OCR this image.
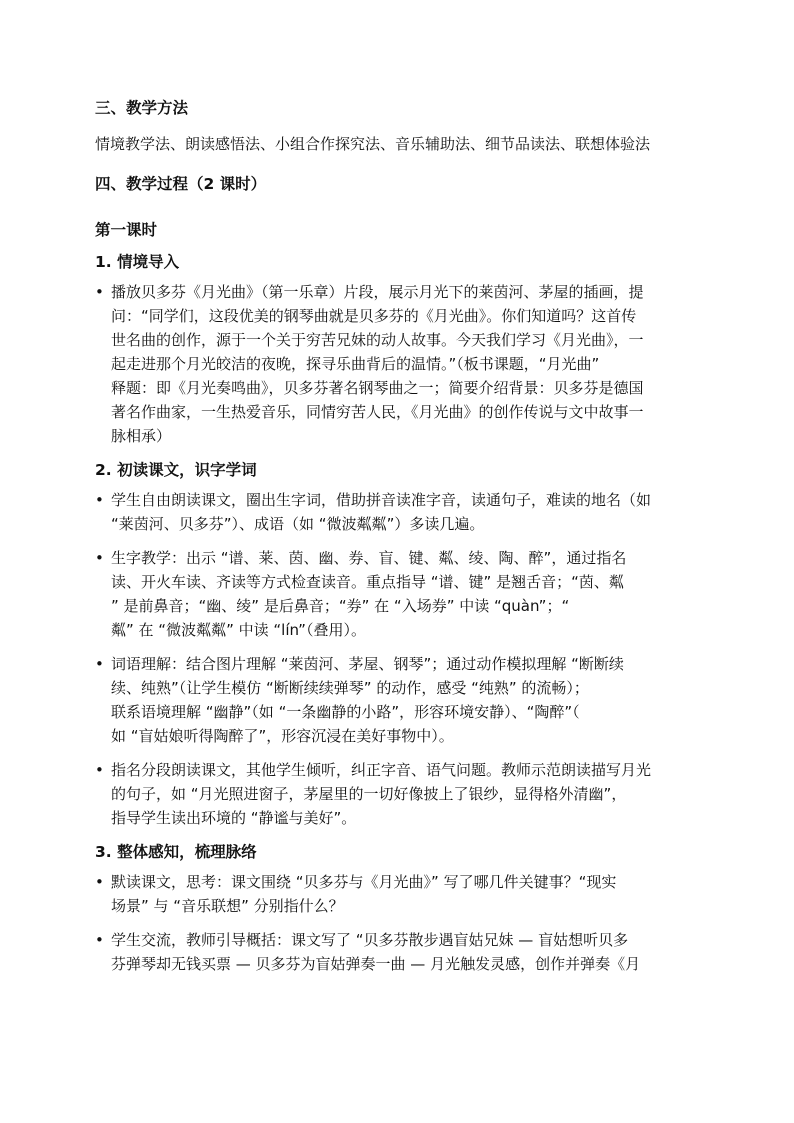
三、教学方法

情境教学法、朗读感悟法、小组合作探究法、音乐辅助法、细节品读法、联想体验法

四、教学过程（2 课时）

第一课时

1. 情境导入

• 播放贝多芬《月光曲》（第一乐章）片段，展示月光下的莱茵河、茅屋的插画，提
问：“同学们，这段优美的钢琴曲就是贝多芬的《月光曲》。你们知道吗？这首传
世名曲的创作，源于一个关于穷苦兄妹的动人故事。今天我们学习《月光曲》，一
起走进那个月光皎洁的夜晚，探寻乐曲背后的温情。”（板书课题，“月光曲”
释题：即《月光奏鸣曲》，贝多芬著名钢琴曲之一；简要介绍背景：贝多芬是德国
著名作曲家，一生热爱音乐，同情穷苦人民，《月光曲》的创作传说与文中故事一
脉相承）

2. 初读课文，识字学词

• 学生自由朗读课文，圈出生字词，借助拼音读准字音，读通句子，难读的地名（如
“莱茵河、贝多芬”）、成语（如 “微波粼粼”）多读几遍。
• 生字教学：出示 “谱、莱、茵、幽、券、盲、键、粼、绫、陶、醉”，通过指名
读、开火车读、齐读等方式检查读音。重点指导 “谱、键” 是翘舌音；“茵、粼
” 是前鼻音；“幽、绫” 是后鼻音；“券” 在 “入场券” 中读 “quàn”；“
粼” 在 “微波粼粼” 中读 “lín”（叠用）。
• 词语理解：结合图片理解 “莱茵河、茅屋、钢琴”；通过动作模拟理解 “断断续
续、纯熟”（让学生模仿 “断断续续弹琴” 的动作，感受 “纯熟” 的流畅）；
联系语境理解 “幽静”（如 “一条幽静的小路”，形容环境安静）、“陶醉”（
如 “盲姑娘听得陶醉了”，形容沉浸在美好事物中）。
• 指名分段朗读课文，其他学生倾听，纠正字音、语气问题。教师示范朗读描写月光
的句子，如 “月光照进窗子，茅屋里的一切好像披上了银纱，显得格外清幽”，
指导学生读出环境的 “静谧与美好”。

3. 整体感知，梳理脉络

• 默读课文，思考：课文围绕 “贝多芬与《月光曲》” 写了哪几件关键事？“现实
场景” 与 “音乐联想” 分别指什么？
• 学生交流，教师引导概括：课文写了 “贝多芬散步遇盲姑兄妹 — 盲姑想听贝多
芬弹琴却无钱买票 — 贝多芬为盲姑弹奏一曲 — 月光触发灵感，创作并弹奏《月
